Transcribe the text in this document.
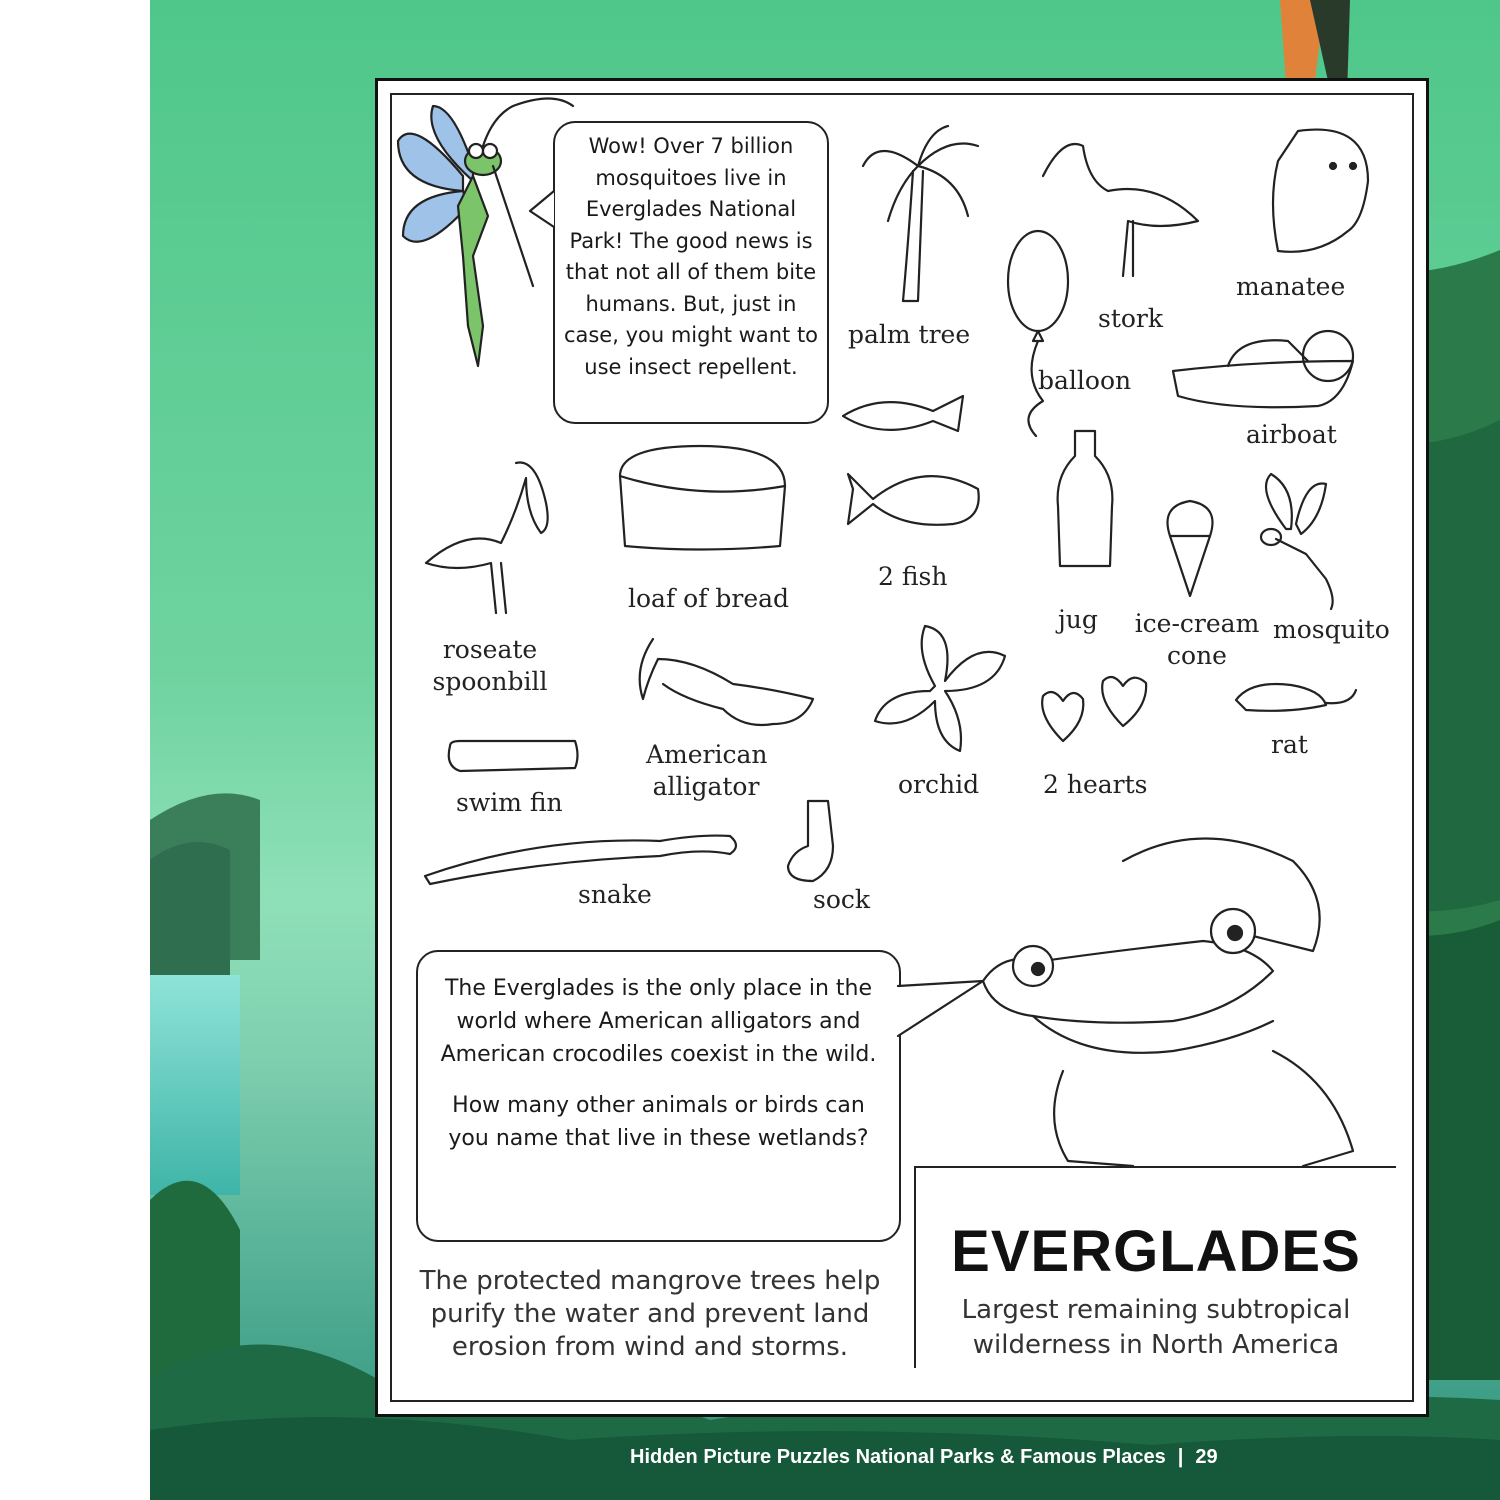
Wow! Over 7 billion mosquitoes live in Everglades National Park! The good news is that not all of them bite humans. But, just in case, you might want to use insect repellent.
palm tree
stork
manatee
balloon
airboat
roseate
spoonbill
loaf of bread
2 fish
jug ice-cream
cone
mosquito
American
alligator	orchid	2 hearts
rat
swim fin
snake	sock

The Everglades is the only place in the world where American alligators and American crocodiles coexist in the wild.

How many other animals or birds can you name that live in these wetlands?

The protected mangrove trees help purify the water and prevent land erosion from wind and storms.
EVERGLADES
Largest remaining subtropical wilderness in North America
Hidden Picture Puzzles National Parks & Famous Places | 29
